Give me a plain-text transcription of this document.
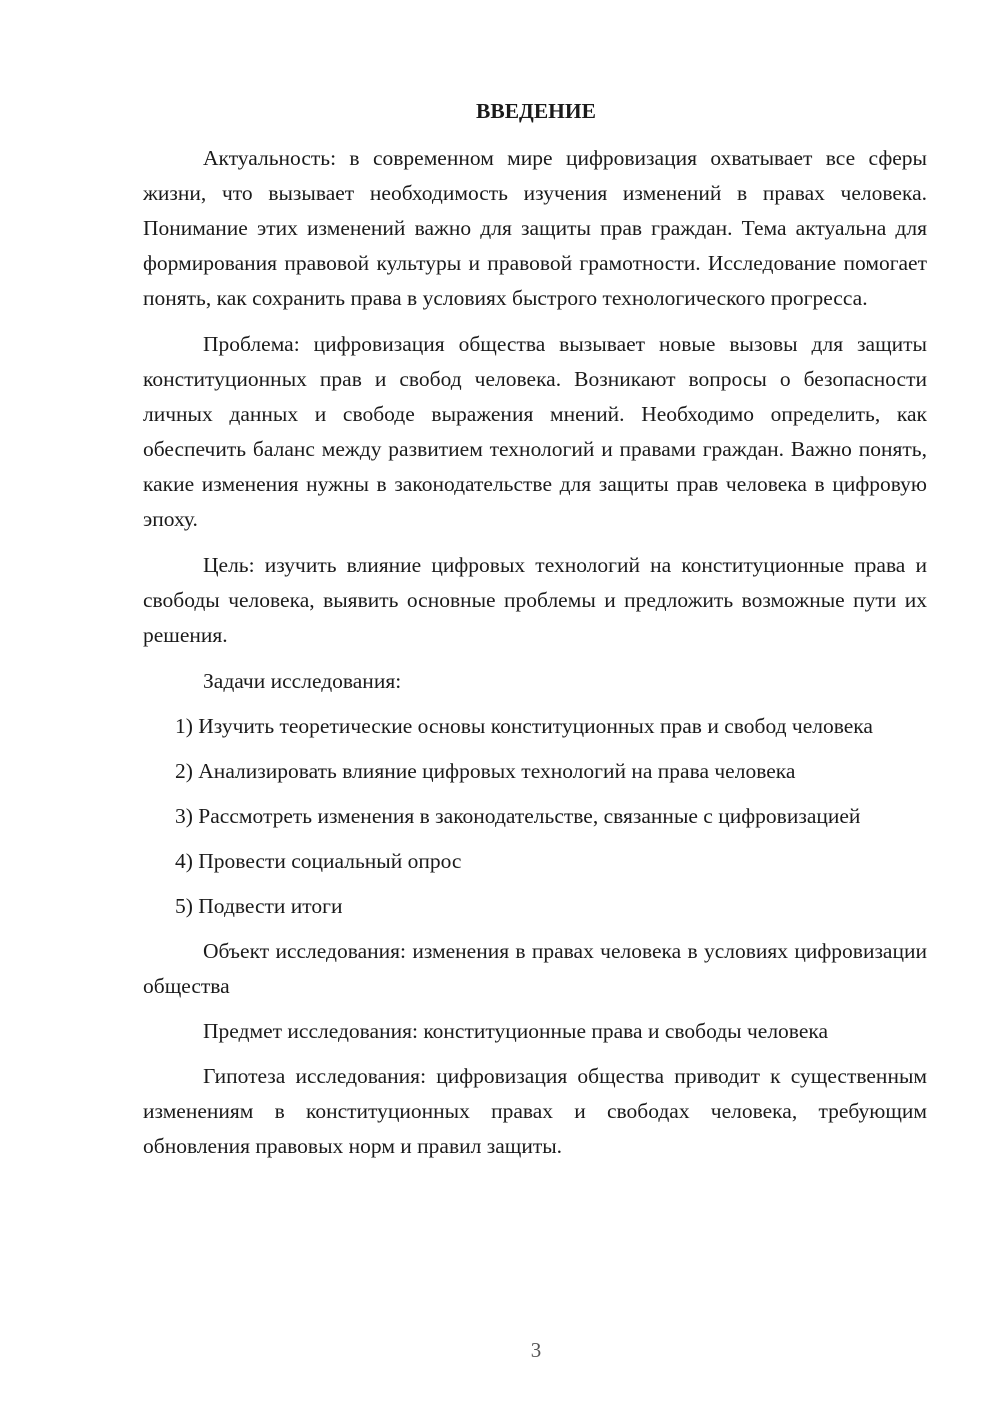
ВВЕДЕНИЕ

Актуальность: в современном мире цифровизация охватывает все сферы жизни, что вызывает необходимость изучения изменений в правах человека. Понимание этих изменений важно для защиты прав граждан. Тема актуальна для формирования правовой культуры и правовой грамотности. Исследование помогает понять, как сохранить права в условиях быстрого технологического прогресса.

Проблема: цифровизация общества вызывает новые вызовы для защиты конституционных прав и свобод человека. Возникают вопросы о безопасности личных данных и свободе выражения мнений. Необходимо определить, как обеспечить баланс между развитием технологий и правами граждан. Важно понять, какие изменения нужны в законодательстве для защиты прав человека в цифровую эпоху.

Цель: изучить влияние цифровых технологий на конституционные права и свободы человека, выявить основные проблемы и предложить возможные пути их решения.

Задачи исследования:

1) Изучить теоретические основы конституционных прав и свобод человека

2) Анализировать влияние цифровых технологий на права человека

3) Рассмотреть изменения в законодательстве, связанные с цифровизацией

4) Провести социальный опрос

5) Подвести итоги

Объект исследования: изменения в правах человека в условиях цифровизации общества

Предмет исследования: конституционные права и свободы человека

Гипотеза исследования: цифровизация общества приводит к существенным изменениям в конституционных правах и свободах человека, требующим обновления правовых норм и правил защиты.

3
